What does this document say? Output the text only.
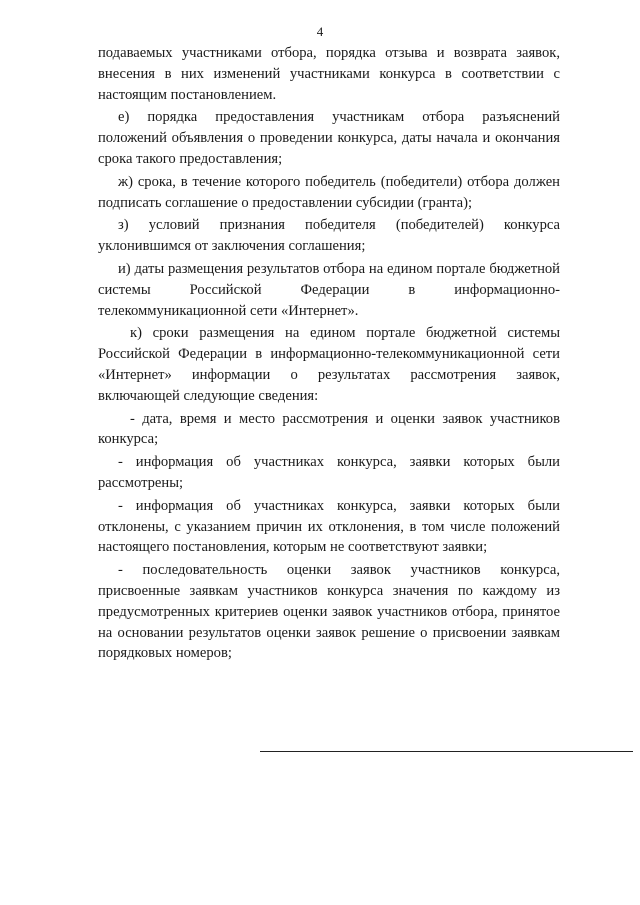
4

подаваемых участниками отбора, порядка отзыва и возврата заявок, внесения в них изменений участниками конкурса в соответствии с настоящим постановлением.

е) порядка предоставления участникам отбора разъяснений положений объявления о проведении конкурса, даты начала и окончания срока такого предоставления;

ж) срока, в течение которого победитель (победители) отбора должен подписать соглашение о предоставлении субсидии (гранта);

з) условий признания победителя (победителей) конкурса уклонившимся от заключения соглашения;

и) даты размещения результатов отбора на едином портале бюджетной системы Российской Федерации в информационно-телекоммуникационной сети «Интернет».

к) сроки размещения на едином портале бюджетной системы Российской Федерации в информационно-телекоммуникационной сети «Интернет» информации о результатах рассмотрения заявок, включающей следующие сведения:

- дата, время и место рассмотрения и оценки заявок участников конкурса;

- информация об участниках конкурса, заявки которых были рассмотрены;

- информация об участниках конкурса, заявки которых были отклонены, с указанием причин их отклонения, в том числе положений настоящего постановления, которым не соответствуют заявки;

- последовательность оценки заявок участников конкурса, присвоенные заявкам участников конкурса значения по каждому из предусмотренных критериев оценки заявок участников отбора, принятое на основании результатов оценки заявок решение о присвоении заявкам порядковых номеров;
